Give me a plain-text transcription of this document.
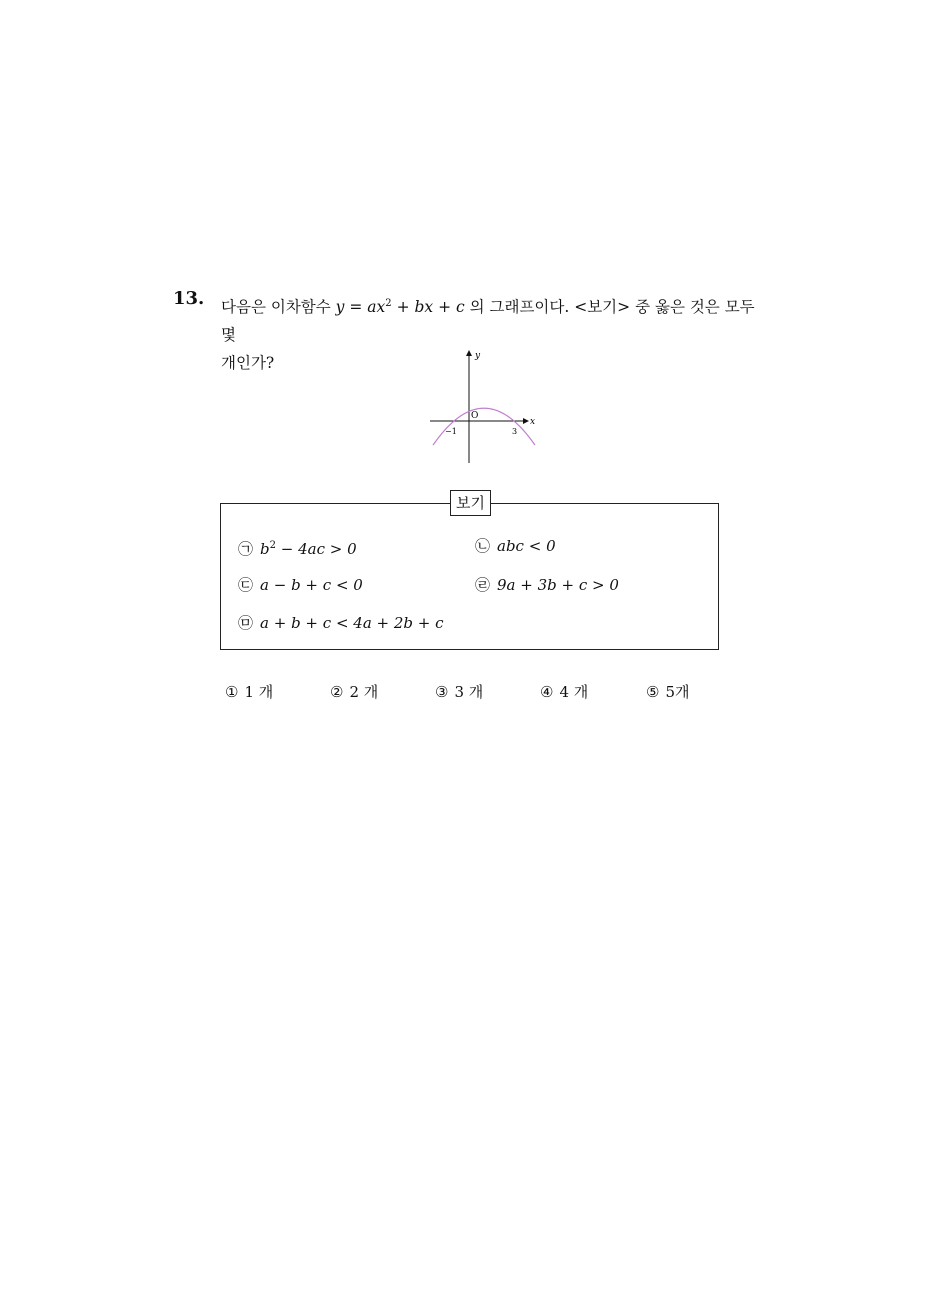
13. 다음은 이차함수 $y = ax^2$ + bx + c 의 그래프이다. <보기> 중 옳은 것은 모두 몇
개인가?	y
x
O
−1	3
보기
㉠ $b^2 - 4ac > 0$	㉡ abc < 0
㉢ a − b + c < 0	㉣ 9a + 3b + c > 0
㉤ a + b + c < 4a + 2b + c
① 1 개	② 2 개	③ 3 개	④ 4 개	⑤ 5개
